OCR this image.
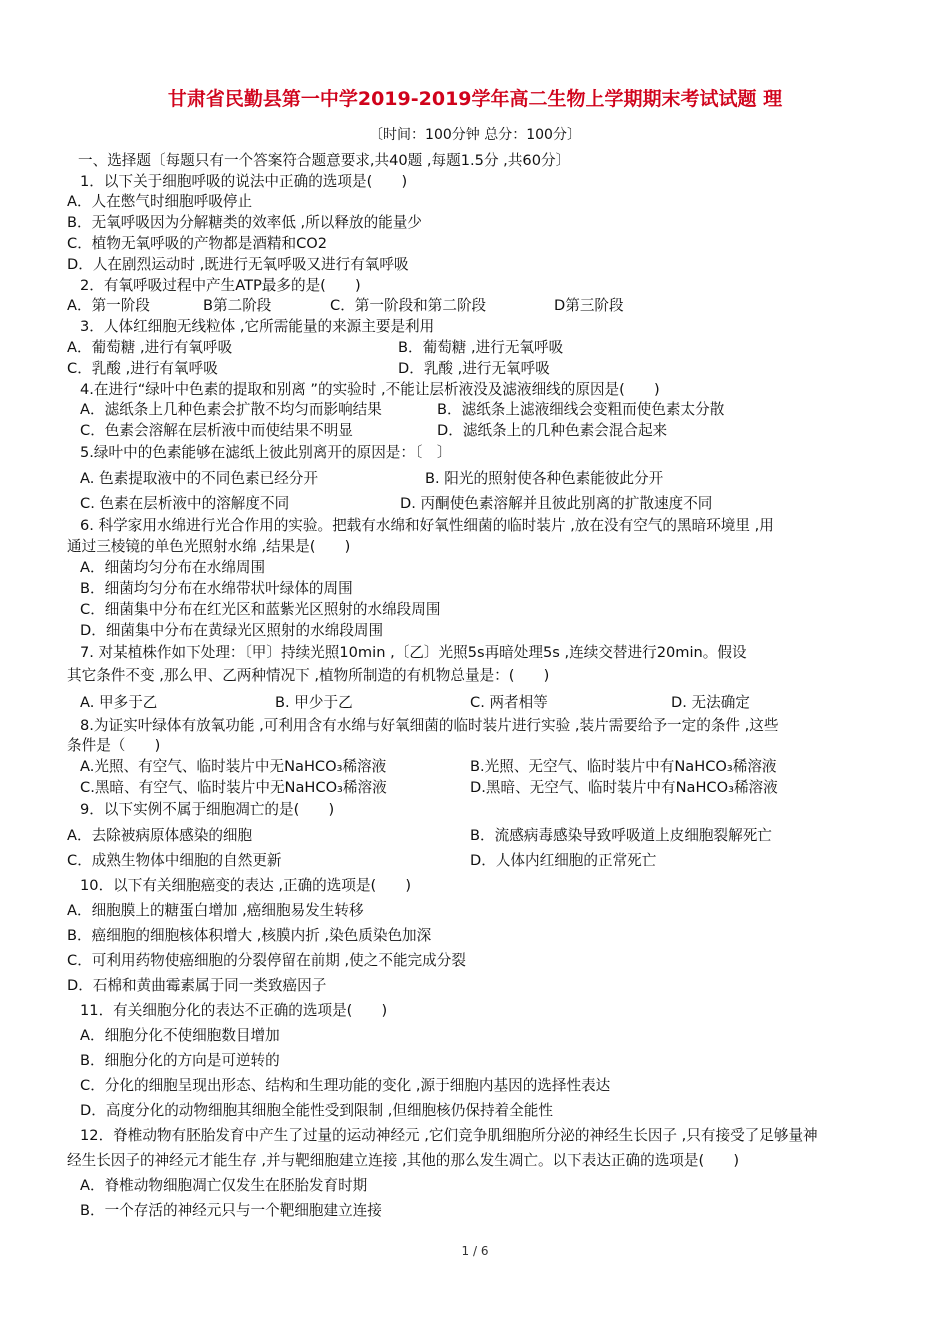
甘肃省民勤县第一中学2019-2019学年高二生物上学期期末考试试题 理
〔时间：100分钟 总分：100分〕
一、选择题〔每题只有一个答案符合题意要求,共40题 ,每题1.5分 ,共60分〕
1．以下关于细胞呼吸的说法中正确的选项是(　　)
A．人在憋气时细胞呼吸停止
B．无氧呼吸因为分解糖类的效率低 ,所以释放的能量少
C．植物无氧呼吸的产物都是酒精和CO2
D．人在剧烈运动时 ,既进行无氧呼吸又进行有氧呼吸
2．有氧呼吸过程中产生ATP最多的是(　　)
A．第一阶段	B第二阶段	C．第一阶段和第二阶段	D第三阶段
3．人体红细胞无线粒体 ,它所需能量的来源主要是利用
A．葡萄糖 ,进行有氧呼吸	B．葡萄糖 ,进行无氧呼吸
C．乳酸 ,进行有氧呼吸	D．乳酸 ,进行无氧呼吸
4.在进行“绿叶中色素的提取和别离 ”的实验时 ,不能让层析液没及滤液细线的原因是(　　)
A．滤纸条上几种色素会扩散不均匀而影响结果	B．滤纸条上滤液细线会变粗而使色素太分散
C．色素会溶解在层析液中而使结果不明显	D．滤纸条上的几种色素会混合起来
5.绿叶中的色素能够在滤纸上彼此别离开的原因是：〔　〕
A. 色素提取液中的不同色素已经分开	B. 阳光的照射使各种色素能彼此分开
C. 色素在层析液中的溶解度不同	D. 丙酮使色素溶解并且彼此别离的扩散速度不同
6. 科学家用水绵进行光合作用的实验。把载有水绵和好氧性细菌的临时装片 ,放在没有空气的黑暗环境里 ,用
通过三棱镜的单色光照射水绵 ,结果是(　　)
A．细菌均匀分布在水绵周围
B．细菌均匀分布在水绵带状叶绿体的周围
C．细菌集中分布在红光区和蓝紫光区照射的水绵段周围
D．细菌集中分布在黄绿光区照射的水绵段周围
7. 对某植株作如下处理：〔甲〕持续光照10min ,〔乙〕光照5s再暗处理5s ,连续交替进行20min。假设
其它条件不变 ,那么甲、乙两种情况下 ,植物所制造的有机物总量是：(　　)
A. 甲多于乙	B. 甲少于乙	C. 两者相等	D. 无法确定
8.为证实叶绿体有放氧功能 ,可利用含有水绵与好氧细菌的临时装片进行实验 ,装片需要给予一定的条件 ,这些
条件是（　　)
A.光照、有空气、临时装片中无NaHCO₃稀溶液	B.光照、无空气、临时装片中有NaHCO₃稀溶液
C.黑暗、有空气、临时装片中无NaHCO₃稀溶液	D.黑暗、无空气、临时装片中有NaHCO₃稀溶液
9．以下实例不属于细胞凋亡的是(　　)
A．去除被病原体感染的细胞	B．流感病毒感染导致呼吸道上皮细胞裂解死亡
C．成熟生物体中细胞的自然更新	D．人体内红细胞的正常死亡
10．以下有关细胞癌变的表达 ,正确的选项是(　　)
A．细胞膜上的糖蛋白增加 ,癌细胞易发生转移
B．癌细胞的细胞核体积增大 ,核膜内折 ,染色质染色加深
C．可利用药物使癌细胞的分裂停留在前期 ,使之不能完成分裂
D．石棉和黄曲霉素属于同一类致癌因子
11．有关细胞分化的表达不正确的选项是(　　)
A．细胞分化不使细胞数目增加
B．细胞分化的方向是可逆转的
C．分化的细胞呈现出形态、结构和生理功能的变化 ,源于细胞内基因的选择性表达
D．高度分化的动物细胞其细胞全能性受到限制 ,但细胞核仍保持着全能性
12．脊椎动物有胚胎发育中产生了过量的运动神经元 ,它们竞争肌细胞所分泌的神经生长因子 ,只有接受了足够量神
经生长因子的神经元才能生存 ,并与靶细胞建立连接 ,其他的那么发生凋亡。以下表达正确的选项是(　　)
A．脊椎动物细胞凋亡仅发生在胚胎发育时期
B．一个存活的神经元只与一个靶细胞建立连接
1 / 6
